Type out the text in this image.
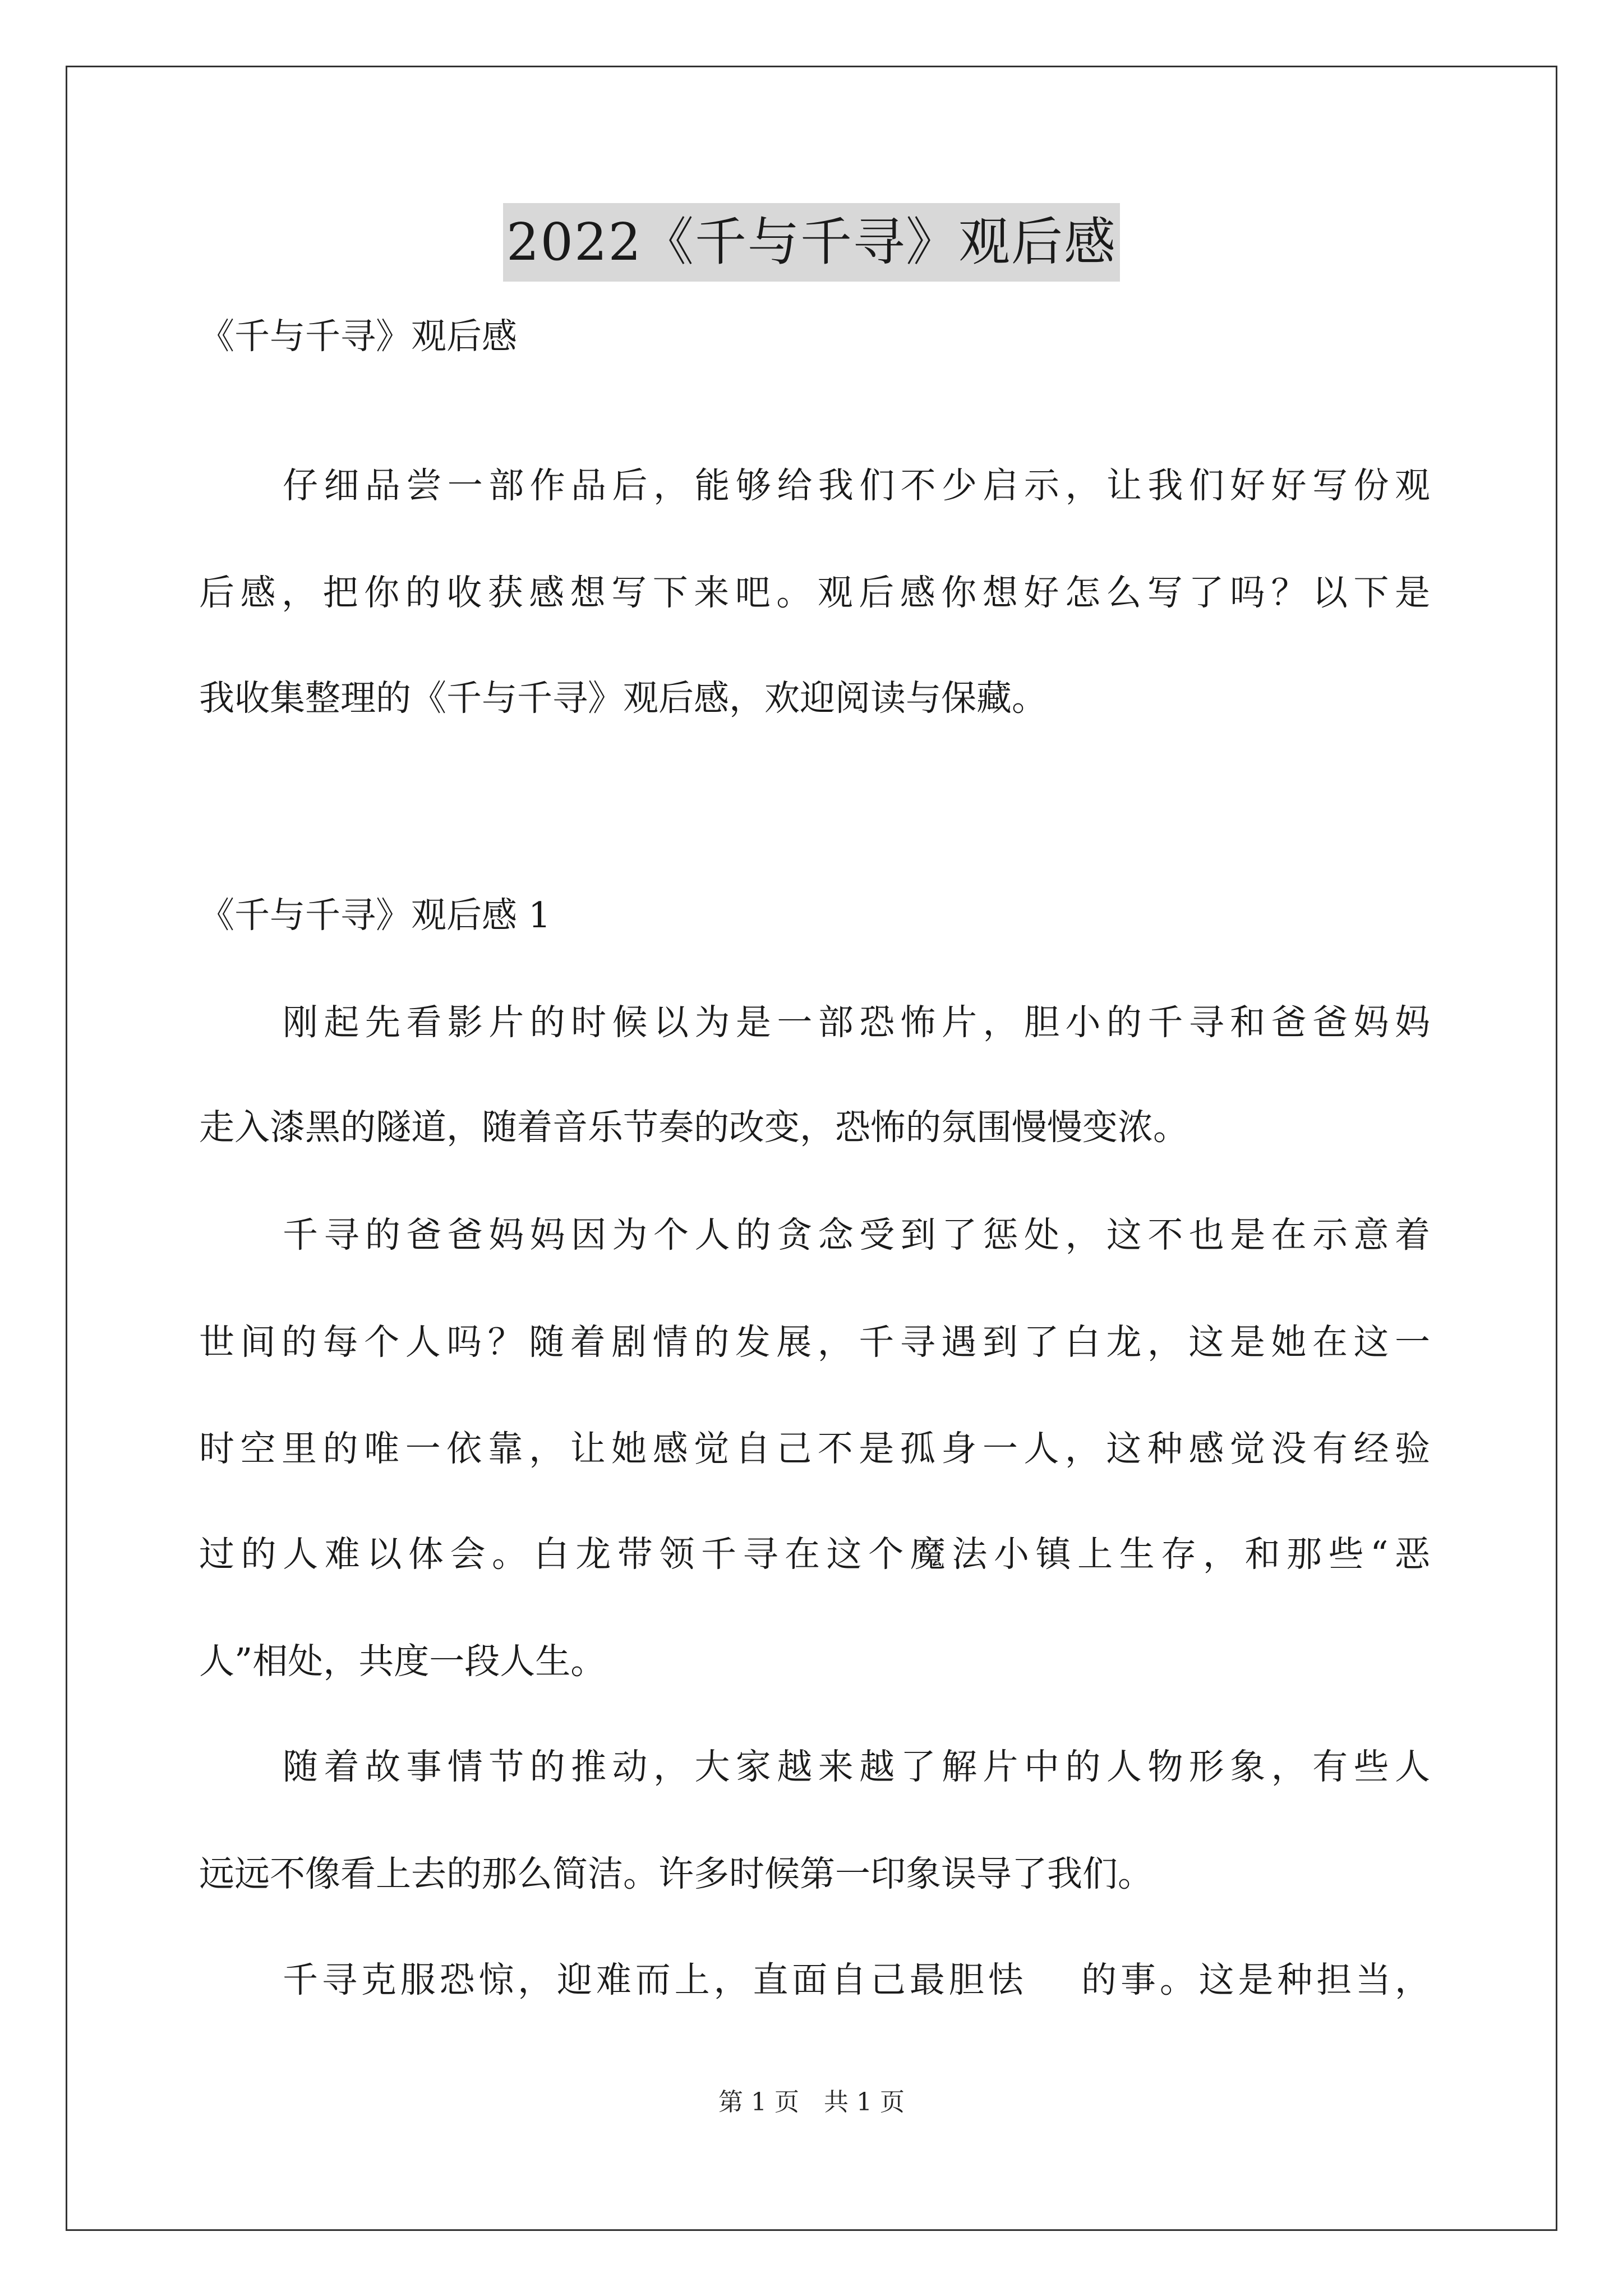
2022《千与千寻》观后感
《千与千寻》观后感
仔细品尝一部作品后，能够给我们不少启示，让我们好好写份观
后感，把你的收获感想写下来吧。观后感你想好怎么写了吗？以下是
我收集整理的《千与千寻》观后感，欢迎阅读与保藏。
《千与千寻》观后感 1
刚起先看影片的时候以为是一部恐怖片，胆小的千寻和爸爸妈妈
走入漆黑的隧道，随着音乐节奏的改变，恐怖的氛围慢慢变浓。
千寻的爸爸妈妈因为个人的贪念受到了惩处，这不也是在示意着
世间的每个人吗？随着剧情的发展，千寻遇到了白龙，这是她在这一
时空里的唯一依靠，让她感觉自己不是孤身一人，这种感觉没有经验
过的人难以体会。白龙带领千寻在这个魔法小镇上生存，和那些“恶
人”相处，共度一段人生。
随着故事情节的推动，大家越来越了解片中的人物形象，有些人
远远不像看上去的那么简洁。许多时候第一印象误导了我们。
千寻克服恐惊，迎难而上，直面自己最胆怯　 的事。这是种担当，
第 1 页　共 1 页
